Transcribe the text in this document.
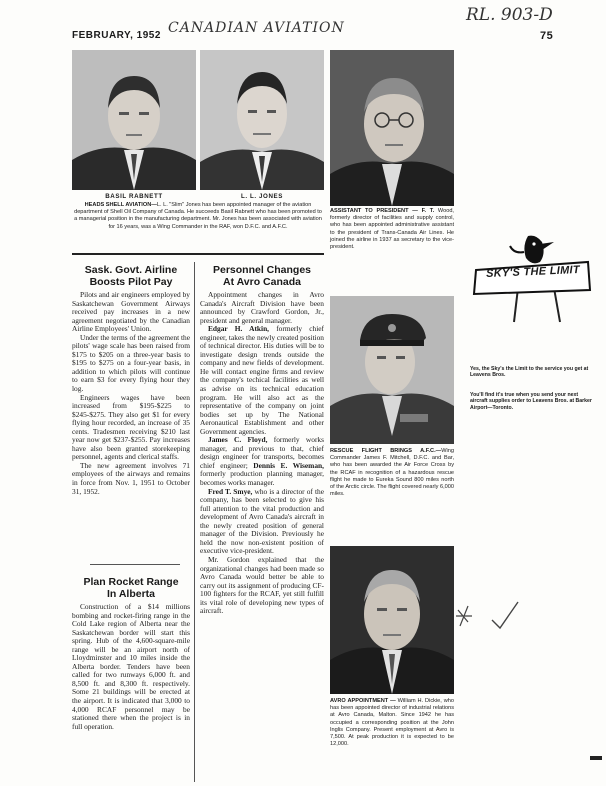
FEBRUARY, 1952 CANADIAN AVIATION
RL. 903-D
75
BASIL RABNETT	L. L. JONES
HEADS SHELL AVIATION—L. L. "Slim" Jones has been appointed manager of the aviation department of Shell Oil Company of Canada. He succeeds Basil Rabnett who has been promoted to a managerial position in the manufacturing department. Mr. Jones has been associated with aviation for 16 years, was a Wing Commander in the RAF, won D.F.C. and A.F.C.
ASSISTANT TO PRESIDENT — F. T. Wood, formerly director of facilities and supply control, who has been appointed administrative assistant to the president of Trans-Canada Air Lines. He joined the airline in 1937 as secretary to the vice-president.
RESCUE FLIGHT BRINGS A.F.C.—Wing Commander James F. Mitchell, D.F.C. and Bar, who has been awarded the Air Force Cross by the RCAF in recognition of a hazardous rescue flight he made to Eureka Sound 800 miles north of the Arctic circle. The flight covered nearly 6,000 miles.
AVRO APPOINTMENT — William H. Dickie, who has been appointed director of industrial relations at Avro Canada, Malton. Since 1942 he has occupied a corresponding position at the John Inglis Company. Present employment at Avro is 7,500. At peak production it is expected to be 12,000.
SKY'S THE LIMIT
Yes, the Sky's the Limit to the service you get at Leavens Bros.
You'll find it's true when you send your next aircraft supplies order to Leavens Bros. at Barker Airport—Toronto.
Sask. Govt. Airline
Boosts Pilot Pay

Pilots and air engineers employed by Saskatchewan Government Airways received pay increases in a new agreement negotiated by the Canadian Airline Employees' Union.

Under the terms of the agreement the pilots' wage scale has been raised from $175 to $205 on a three-year basis to $195 to $275 on a four-year basis, in addition to which pilots will continue to earn $3 for every flying hour they log.

Engineers wages have been increased from $195-$225 to $245-$275. They also get $1 for every flying hour recorded, an increase of 35 cents. Tradesmen receiving $210 last year now get $237-$255. Pay increases have also been granted storekeeping personnel, agents and clerical staffs.

The new agreement involves 71 employees of the airways and remains in force from Nov. 1, 1951 to October 31, 1952.

Plan Rocket Range
In Alberta

Construction of a $14 millions bombing and rocket-firing range in the Cold Lake region of Alberta near the Saskatchewan border will start this spring. Hub of the 4,600-square-mile range will be an airport north of Lloydminster and 10 miles inside the Alberta border. Tenders have been called for two runways 6,000 ft. and 8,500 ft. and 8,300 ft. respectively. Some 21 buildings will be erected at the airport. It is indicated that 3,000 to 4,000 RCAF personnel may be stationed there when the project is in full operation.

Personnel Changes
At Avro Canada

Appointment changes in Avro Canada's Aircraft Division have been announced by Crawford Gordon, Jr., president and general manager.

Edgar H. Atkin, formerly chief engineer, takes the newly created position of technical director. His duties will be to investigate design trends outside the company and new fields of development. He will contact engine firms and review the company's techical facilities as well as advise on its technical education program. He will also act as the representative of the company on joint bodies set up by The National Aeronautical Establishment and other Government agencies.

James C. Floyd, formerly works manager, and previous to that, chief design engineer for transports, becomes chief engineer; Dennis E. Wiseman, formerly production planning manager, becomes works manager.

Fred T. Smye, who is a director of the company, has been selected to give his full attention to the vital production and development of Avro Canada's aircraft in the newly created position of general manager of the Division. Previously he held the now non-existent position of executive vice-president.

Mr. Gordon explained that the organizational changes had been made so Avro Canada would better be able to carry out its assignment of producing CF-100 fighters for the RCAF, yet still fulfill its vital role of developing new types of aircraft.
